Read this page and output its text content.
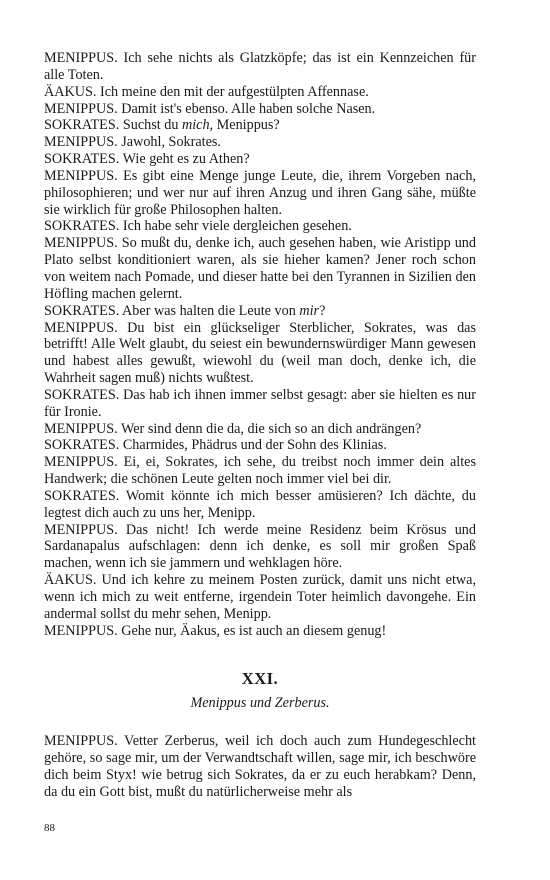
MENIPPUS. Ich sehe nichts als Glatzköpfe; das ist ein Kennzeichen für alle Toten.

ÄAKUS. Ich meine den mit der aufgestülpten Affennase.

MENIPPUS. Damit ist's ebenso. Alle haben solche Nasen.

SOKRATES. Suchst du mich, Menippus?

MENIPPUS. Jawohl, Sokrates.

SOKRATES. Wie geht es zu Athen?

MENIPPUS. Es gibt eine Menge junge Leute, die, ihrem Vorgeben nach, philosophieren; und wer nur auf ihren Anzug und ihren Gang sähe, müßte sie wirklich für große Philosophen halten.

SOKRATES. Ich habe sehr viele dergleichen gesehen.

MENIPPUS. So mußt du, denke ich, auch gesehen haben, wie Aristipp und Plato selbst konditioniert waren, als sie hieher kamen? Jener roch schon von weitem nach Pomade, und dieser hatte bei den Tyrannen in Sizilien den Höfling machen gelernt.

SOKRATES. Aber was halten die Leute von mir?

MENIPPUS. Du bist ein glückseliger Sterblicher, Sokrates, was das betrifft! Alle Welt glaubt, du seiest ein bewundernswürdiger Mann gewesen und habest alles gewußt, wiewohl du (weil man doch, denke ich, die Wahrheit sagen muß) nichts wußtest.

SOKRATES. Das hab ich ihnen immer selbst gesagt: aber sie hielten es nur für Ironie.

MENIPPUS. Wer sind denn die da, die sich so an dich andrängen?

SOKRATES. Charmides, Phädrus und der Sohn des Klinias.

MENIPPUS. Ei, ei, Sokrates, ich sehe, du treibst noch immer dein altes Handwerk; die schönen Leute gelten noch immer viel bei dir.

SOKRATES. Womit könnte ich mich besser amüsieren? Ich dächte, du legtest dich auch zu uns her, Menipp.

MENIPPUS. Das nicht! Ich werde meine Residenz beim Krösus und Sardanapalus aufschlagen: denn ich denke, es soll mir großen Spaß machen, wenn ich sie jammern und wehklagen höre.

ÄAKUS. Und ich kehre zu meinem Posten zurück, damit uns nicht etwa, wenn ich mich zu weit entferne, irgendein Toter heimlich davongehe. Ein andermal sollst du mehr sehen, Menipp.

MENIPPUS. Gehe nur, Äakus, es ist auch an diesem genug!

XXI.
Menippus und Zerberus.

MENIPPUS. Vetter Zerberus, weil ich doch auch zum Hundegeschlecht gehöre, so sage mir, um der Verwandtschaft willen, sage mir, ich beschwöre dich beim Styx! wie betrug sich Sokrates, da er zu euch herabkam? Denn, da du ein Gott bist, mußt du natürlicherweise mehr als

88
